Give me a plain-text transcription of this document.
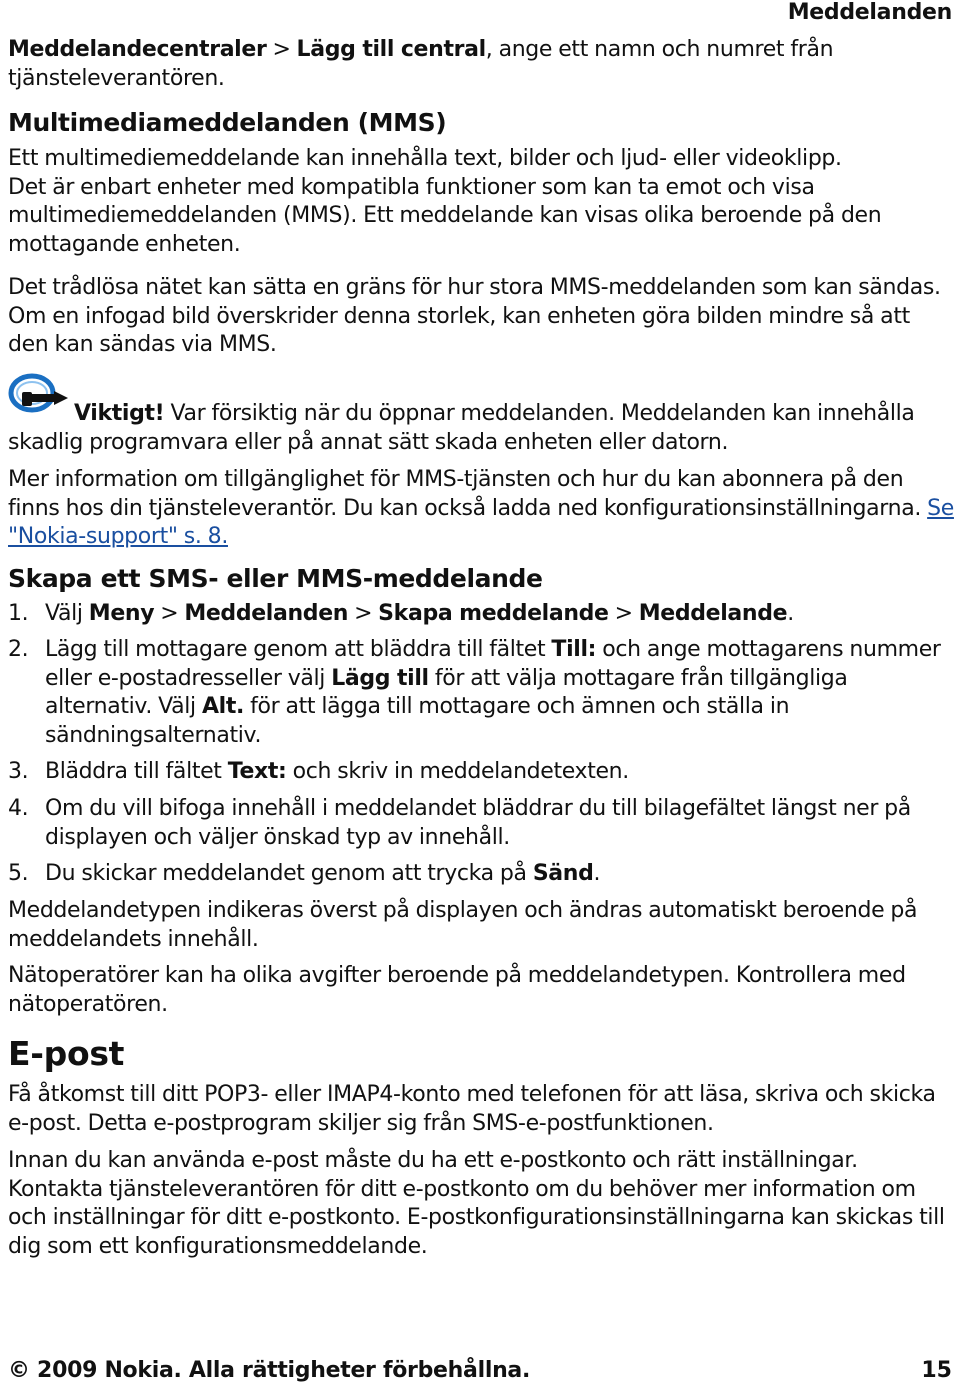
Meddelanden
Meddelandecentraler > Lägg till central, ange ett namn och numret från
tjänsteleverantören.
Multimediameddelanden (MMS)
Ett multimediemeddelande kan innehålla text, bilder och ljud- eller videoklipp.
Det är enbart enheter med kompatibla funktioner som kan ta emot och visa multimediemeddelanden (MMS). Ett meddelande kan visas olika beroende på den mottagande enheten.
Det trådlösa nätet kan sätta en gräns för hur stora MMS-meddelanden som kan sändas. Om en infogad bild överskrider denna storlek, kan enheten göra bilden mindre så att den kan sändas via MMS.
Viktigt! Var försiktig när du öppnar meddelanden. Meddelanden kan innehålla skadlig programvara eller på annat sätt skada enheten eller datorn.
Mer information om tillgänglighet för MMS-tjänsten och hur du kan abonnera på den finns hos din tjänsteleverantör. Du kan också ladda ned konfigurationsinställningarna. Se "Nokia-support" s. 8.
Skapa ett SMS- eller MMS-meddelande
1. Välj Meny > Meddelanden > Skapa meddelande > Meddelande.
2. Lägg till mottagare genom att bläddra till fältet Till: och ange mottagarens nummer eller e-postadresseller välj Lägg till för att välja mottagare från tillgängliga alternativ. Välj Alt. för att lägga till mottagare och ämnen och ställa in sändningsalternativ.
3. Bläddra till fältet Text: och skriv in meddelandetexten.
4. Om du vill bifoga innehåll i meddelandet bläddrar du till bilagefältet längst ner på displayen och väljer önskad typ av innehåll.
5. Du skickar meddelandet genom att trycka på Sänd.
Meddelandetypen indikeras överst på displayen och ändras automatiskt beroende på meddelandets innehåll.
Nätoperatörer kan ha olika avgifter beroende på meddelandetypen. Kontrollera med nätoperatören.
E-post
Få åtkomst till ditt POP3- eller IMAP4-konto med telefonen för att läsa, skriva och skicka e-post. Detta e-postprogram skiljer sig från SMS-e-postfunktionen.
Innan du kan använda e-post måste du ha ett e-postkonto och rätt inställningar. Kontakta tjänsteleverantören för ditt e-postkonto om du behöver mer information om och inställningar för ditt e-postkonto. E-postkonfigurationsinställningarna kan skickas till dig som ett konfigurationsmeddelande.
© 2009 Nokia. Alla rättigheter förbehållna.	15
